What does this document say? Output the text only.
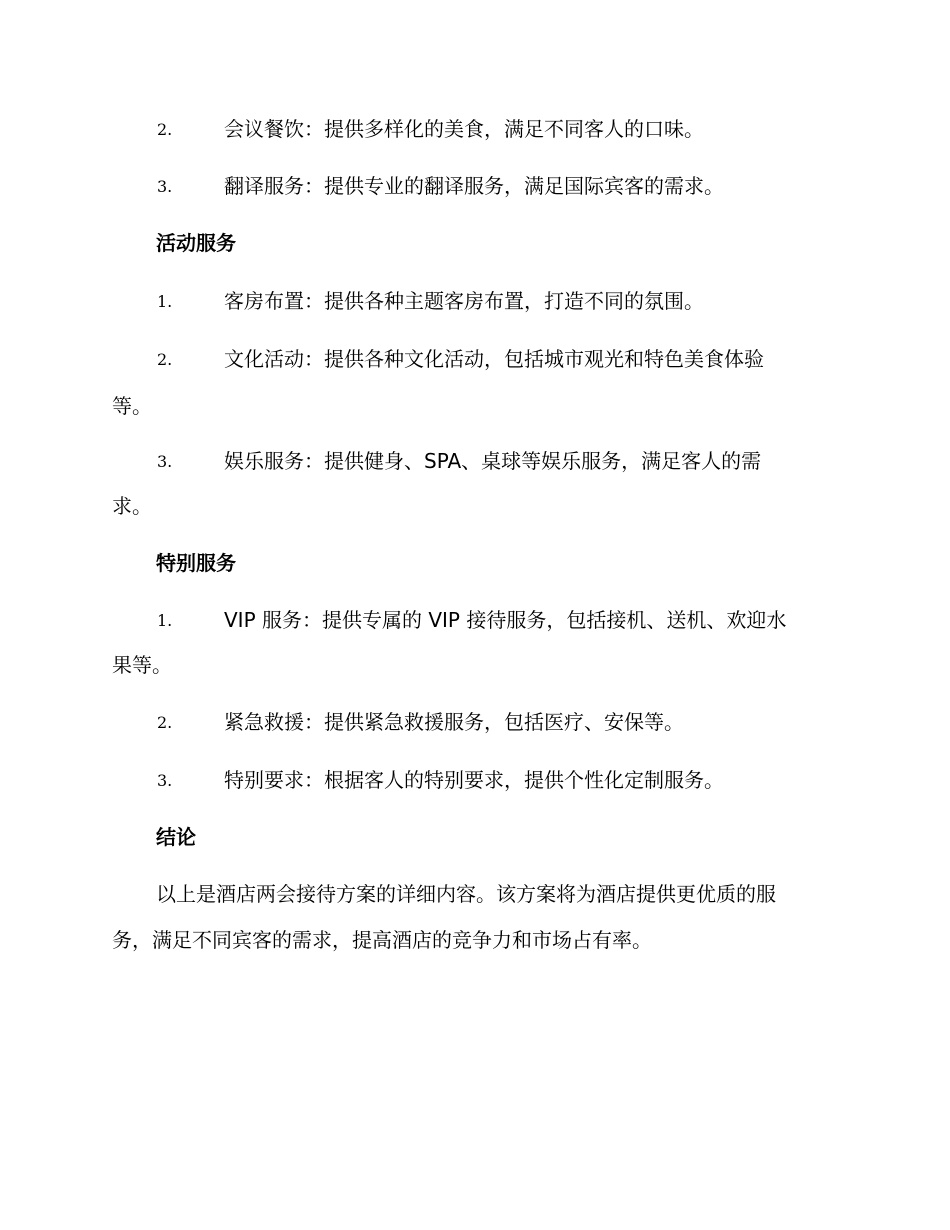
2.	会议餐饮：提供多样化的美食，满足不同客人的口味。
3.	翻译服务：提供专业的翻译服务，满足国际宾客的需求。
活动服务
1.	客房布置：提供各种主题客房布置，打造不同的氛围。
2.	文化活动：提供各种文化活动，包括城市观光和特色美食体验
等。
3.	娱乐服务：提供健身、SPA、桌球等娱乐服务，满足客人的需
求。
特别服务
1.	VIP 服务：提供专属的 VIP 接待服务，包括接机、送机、欢迎水
果等。
2.	紧急救援：提供紧急救援服务，包括医疗、安保等。
3.	特别要求：根据客人的特别要求，提供个性化定制服务。
结论
以上是酒店两会接待方案的详细内容。该方案将为酒店提供更优质的服
务，满足不同宾客的需求，提高酒店的竞争力和市场占有率。
